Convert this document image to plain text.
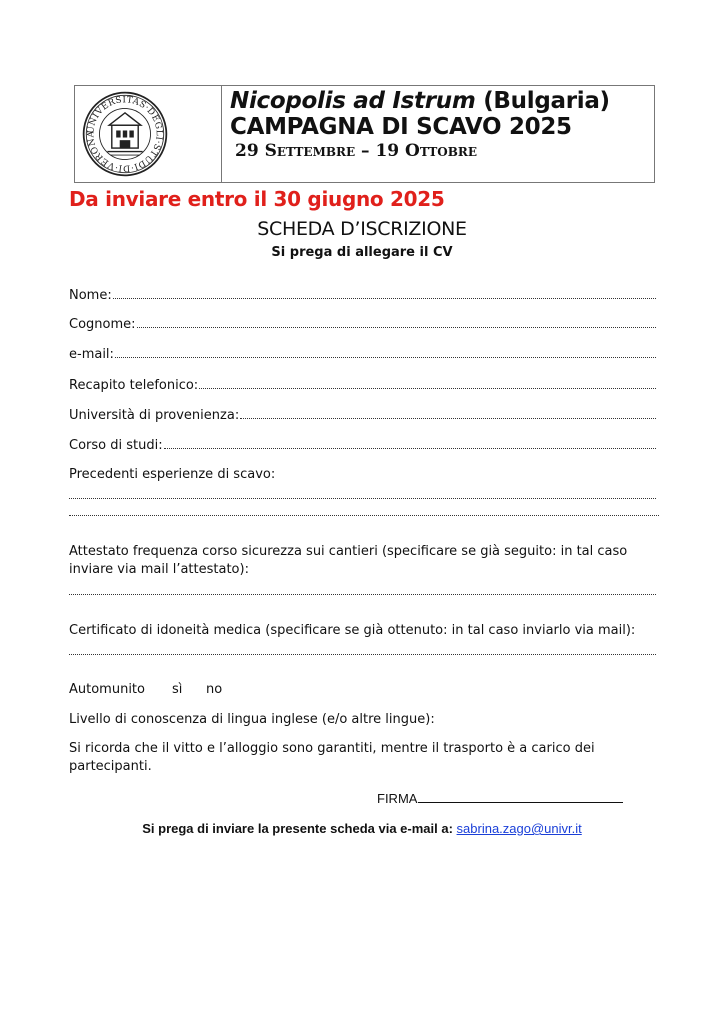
UNIVERSITAS·DEGLI·STUDI·DI·VERONA
Nicopolis ad Istrum (Bulgaria)
CAMPAGNA DI SCAVO 2025
29 Settembre – 19 Ottobre
Da inviare entro il 30 giugno 2025
SCHEDA D’ISCRIZIONE
Si prega di allegare il CV
Nome:
Cognome:
e-mail:
Recapito telefonico:
Università di provenienza:
Corso di studi:
Precedenti esperienze di scavo:
Attestato frequenza corso sicurezza sui cantieri (specificare se già seguito: in tal caso inviare via mail l’attestato):
Certificato di idoneità medica (specificare se già ottenuto: in tal caso inviarlo via mail):
Automunito sì no
Livello di conoscenza di lingua inglese (e/o altre lingue):
Si ricorda che il vitto e l’alloggio sono garantiti, mentre il trasporto è a carico dei partecipanti.
FIRMA
Si prega di inviare la presente scheda via e-mail a: sabrina.zago@univr.it
